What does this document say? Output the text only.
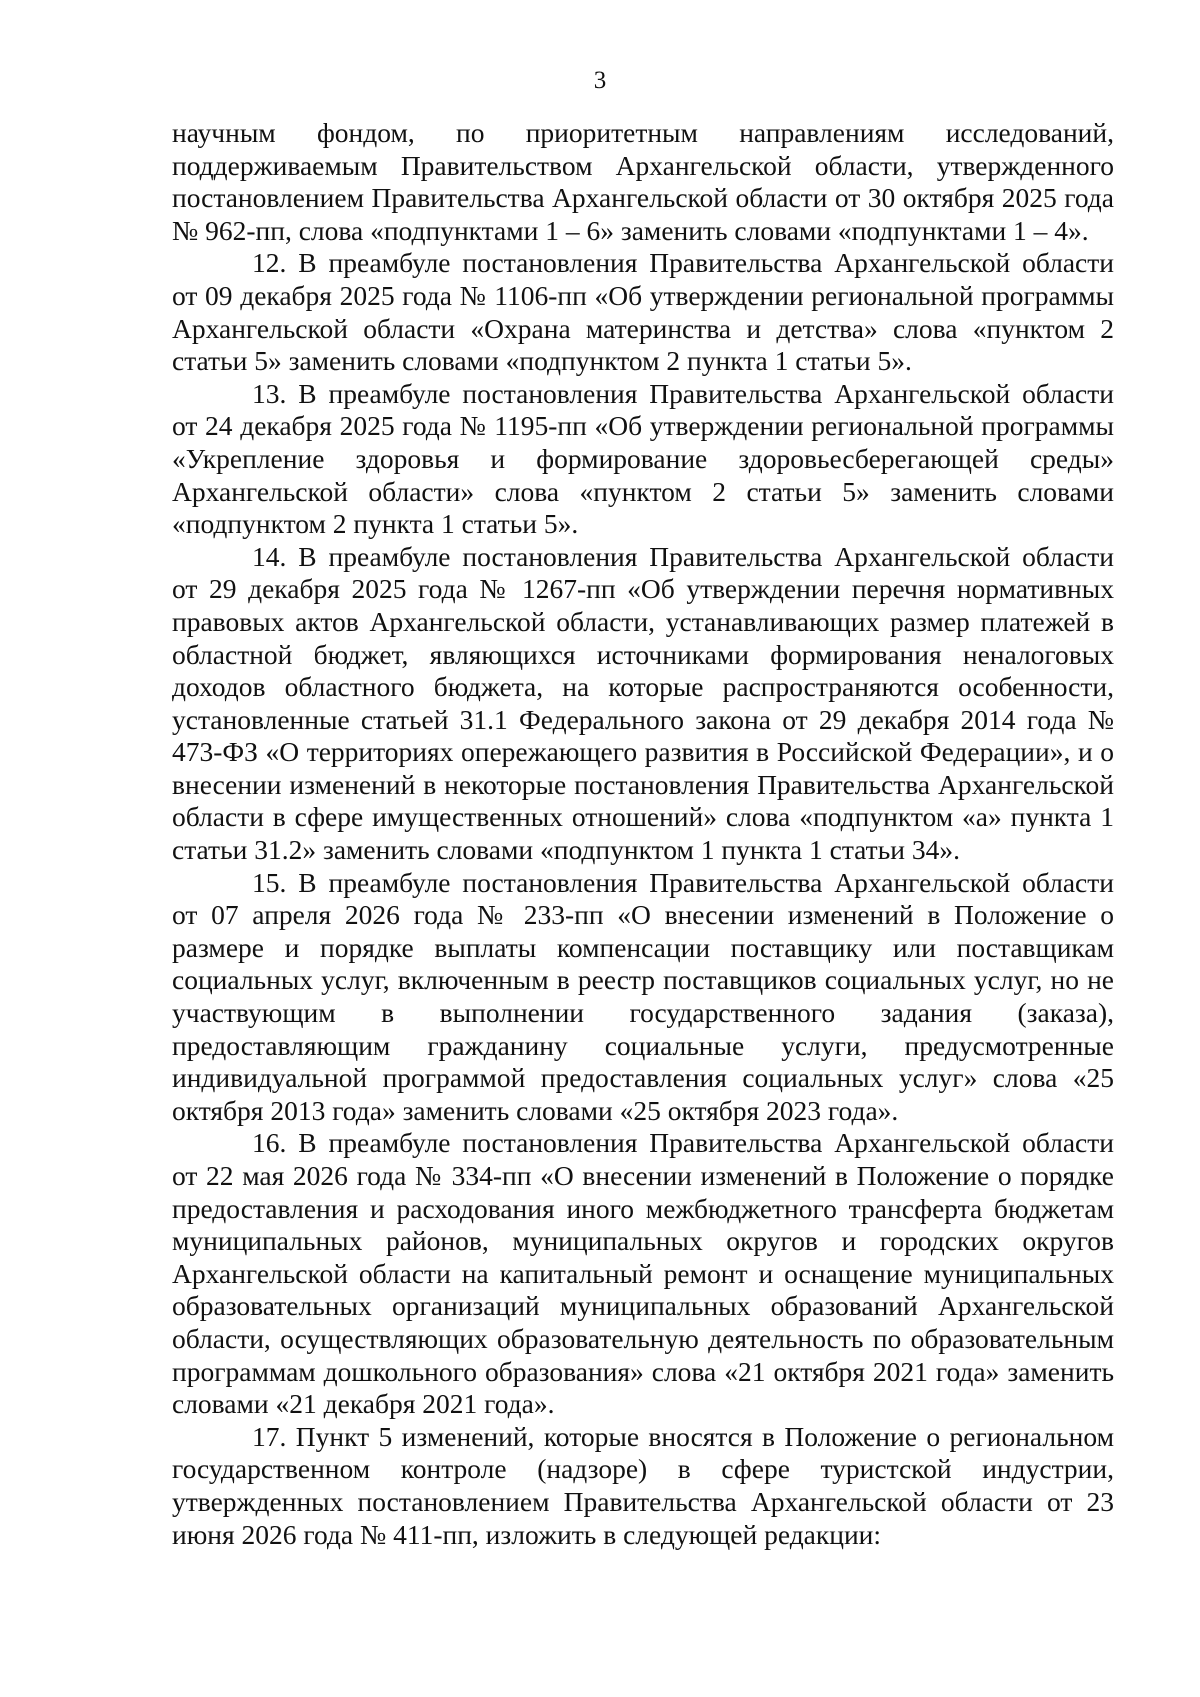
3

научным фондом, по приоритетным направлениям исследований, поддерживаемым Правительством Архангельской области, утвержденного постановлением Правительства Архангельской области от 30 октября 2025 года № 962-пп, слова «подпунктами 1 – 6» заменить словами «подпунктами 1 – 4».

12. В преамбуле постановления Правительства Архангельской области от 09 декабря 2025 года № 1106-пп «Об утверждении региональной программы Архангельской области «Охрана материнства и детства» слова «пунктом 2 статьи 5» заменить словами «подпунктом 2 пункта 1 статьи 5».

13. В преамбуле постановления Правительства Архангельской области от 24 декабря 2025 года № 1195-пп «Об утверждении региональной программы «Укрепление здоровья и формирование здоровьесберегающей среды» Архангельской области» слова «пунктом 2 статьи 5» заменить словами «подпунктом 2 пункта 1 статьи 5».

14. В преамбуле постановления Правительства Архангельской области от 29 декабря 2025 года № 1267-пп «Об утверждении перечня нормативных правовых актов Архангельской области, устанавливающих размер платежей в областной бюджет, являющихся источниками формирования неналоговых доходов областного бюджета, на которые распространяются особенности, установленные статьей 31.1 Федерального закона от 29 декабря 2014 года № 473-ФЗ «О территориях опережающего развития в Российской Федерации», и о внесении изменений в некоторые постановления Правительства Архангельской области в сфере имущественных отношений» слова «подпунктом «а» пункта 1 статьи 31.2» заменить словами «подпунктом 1 пункта 1 статьи 34».

15. В преамбуле постановления Правительства Архангельской области от 07 апреля 2026 года № 233-пп «О внесении изменений в Положение о размере и порядке выплаты компенсации поставщику или поставщикам социальных услуг, включенным в реестр поставщиков социальных услуг, но не участвующим в выполнении государственного задания (заказа), предоставляющим гражданину социальные услуги, предусмотренные индивидуальной программой предоставления социальных услуг» слова «25 октября 2013 года» заменить словами «25 октября 2023 года».

16. В преамбуле постановления Правительства Архангельской области от 22 мая 2026 года № 334-пп «О внесении изменений в Положение о порядке предоставления и расходования иного межбюджетного трансферта бюджетам муниципальных районов, муниципальных округов и городских округов Архангельской области на капитальный ремонт и оснащение муниципальных образовательных организаций муниципальных образований Архангельской области, осуществляющих образовательную деятельность по образовательным программам дошкольного образования» слова «21 октября 2021 года» заменить словами «21 декабря 2021 года».

17. Пункт 5 изменений, которые вносятся в Положение о региональном государственном контроле (надзоре) в сфере туристской индустрии, утвержденных постановлением Правительства Архангельской области от 23 июня 2026 года № 411-пп, изложить в следующей редакции:
